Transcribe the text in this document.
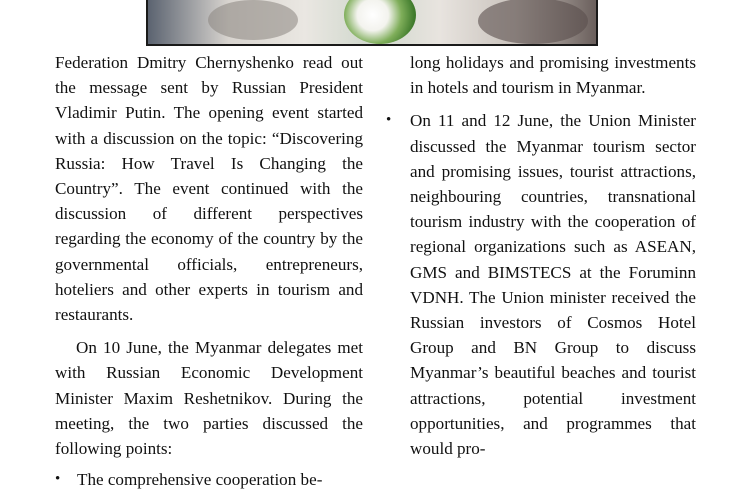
Federation Dmitry Chernyshenko read out the message sent by Russian President Vladimir Putin. The opening event started with a discussion on the topic: “Discovering Russia: How Travel Is Changing the Country”. The event continued with the discussion of different perspectives regarding the economy of the country by the governmental officials, entrepreneurs, hoteliers and other experts in tourism and restaurants.

On 10 June, the Myanmar delegates met with Russian Economic Development Minister Maxim Reshetnikov. During the meeting, the two parties discussed the following points:

• The comprehensive cooperation be-

long holidays and promising investments in hotels and tourism in Myanmar.

• On 11 and 12 June, the Union Minister discussed the Myanmar tourism sector and promising issues, tourist attractions, neighbouring countries, transnational tourism industry with the cooperation of regional organizations such as ASEAN, GMS and BIMSTECS at the Foruminn VDNH. The Union minister received the Russian investors of Cosmos Hotel Group and BN Group to discuss Myanmar’s beautiful beaches and tourist attractions, potential investment opportunities, and programmes that would pro-
